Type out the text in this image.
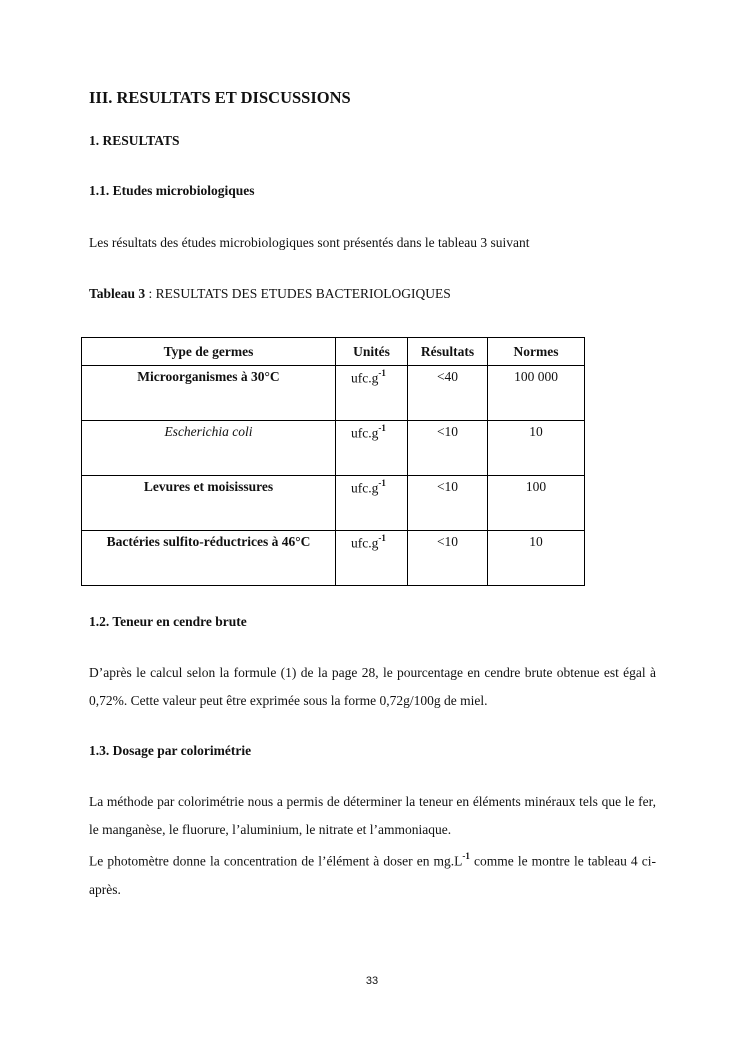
III. RESULTATS ET DISCUSSIONS
1. RESULTATS
1.1. Etudes microbiologiques
Les résultats des études microbiologiques sont présentés dans le tableau 3 suivant
Tableau 3 : RESULTATS DES ETUDES BACTERIOLOGIQUES
Type de germes	Unités	Résultats	Normes
Microorganismes à 30°C	$ufc.g^{-1}$	<40	100 000
Escherichia coli	$ufc.g^{-1}$	<10	10
Levures et moisissures	$ufc.g^{-1}$	<10	100
Bactéries sulfito-réductrices à 46°C	$ufc.g^{-1}$	<10	10
1.2. Teneur en cendre brute
D’après le calcul selon la formule (1) de la page 28, le pourcentage en cendre brute obtenue est égal à 0,72%. Cette valeur peut être exprimée sous la forme 0,72g/100g de miel.
1.3. Dosage par colorimétrie
La méthode par colorimétrie nous a permis de déterminer la teneur en éléments minéraux tels que le fer, le manganèse, le fluorure, l’aluminium, le nitrate et l’ammoniaque.
Le photomètre donne la concentration de l’élément à doser en $mg.L^{-1}$ comme le montre le tableau 4 ci-après.
33
